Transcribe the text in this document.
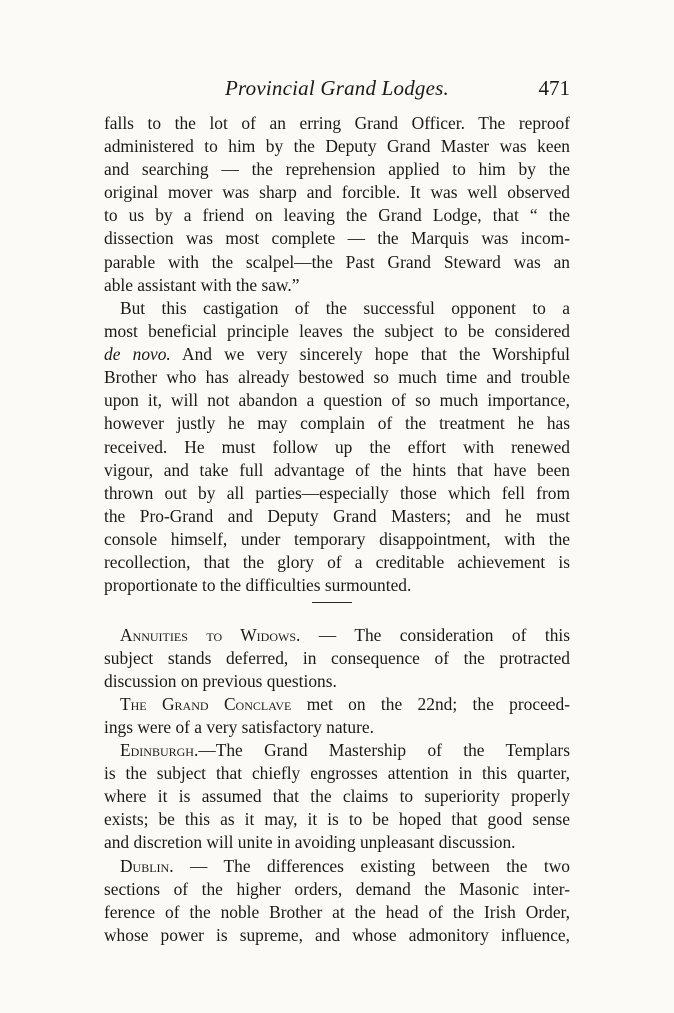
Provincial Grand Lodges.	471
falls to the lot of an erring Grand Officer. The reproof
administered to him by the Deputy Grand Master was keen
and searching — the reprehension applied to him by the
original mover was sharp and forcible. It was well observed
to us by a friend on leaving the Grand Lodge, that “ the
dissection was most complete — the Marquis was incom-
parable with the scalpel—the Past Grand Steward was an
able assistant with the saw.”
But this castigation of the successful opponent to a
most beneficial principle leaves the subject to be considered
de novo. And we very sincerely hope that the Worshipful
Brother who has already bestowed so much time and trouble
upon it, will not abandon a question of so much importance,
however justly he may complain of the treatment he has
received. He must follow up the effort with renewed
vigour, and take full advantage of the hints that have been
thrown out by all parties—especially those which fell from
the Pro-Grand and Deputy Grand Masters; and he must
console himself, under temporary disappointment, with the
recollection, that the glory of a creditable achievement is
proportionate to the difficulties surmounted.
Annuities to Widows. — The consideration of this
subject stands deferred, in consequence of the protracted
discussion on previous questions.
The Grand Conclave met on the 22nd; the proceed-
ings were of a very satisfactory nature.
Edinburgh.—The Grand Mastership of the Templars
is the subject that chiefly engrosses attention in this quarter,
where it is assumed that the claims to superiority properly
exists; be this as it may, it is to be hoped that good sense
and discretion will unite in avoiding unpleasant discussion.
Dublin. — The differences existing between the two
sections of the higher orders, demand the Masonic inter-
ference of the noble Brother at the head of the Irish Order,
whose power is supreme, and whose admonitory influence,
